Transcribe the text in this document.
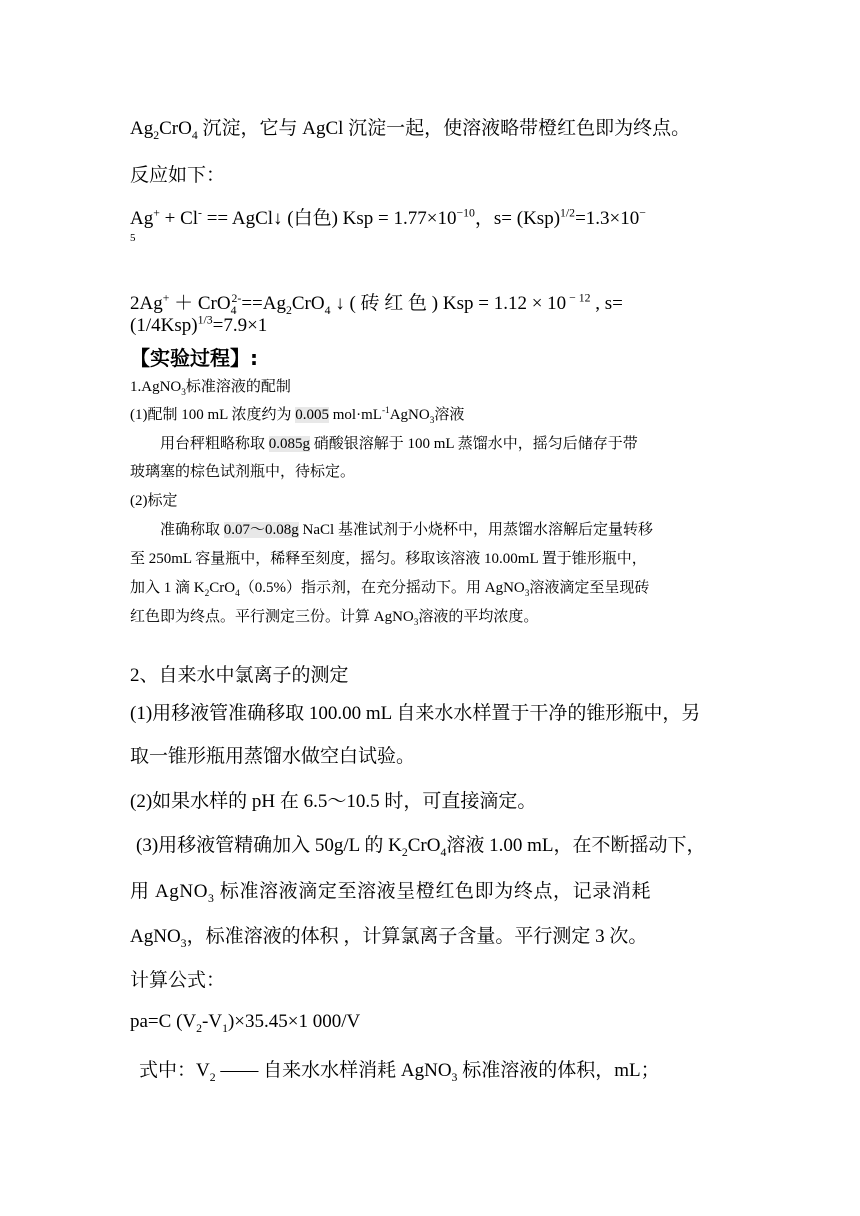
$Ag_2CrO_4$ 沉淀，它与 AgCl 沉淀一起，使溶液略带橙红色即为终点。
反应如下：
Ag+ + Cl- == AgCl↓ (白色) Ksp = $1.77\times 10^{-10}$，s= (Ksp)$^{1/2}$=1.3×10−
5
$2Ag^+ + CrO_4^{2-}==Ag_2CrO_4$ ↓ ( 砖 红 色 ) Ksp = 1.12 × 10 $^{- 12}$ , s=
$(1/4Ksp)^{1/3}=7.9\times 1$
【实验过程】:
1.AgNO$_3$标准溶液的配制
(1)配制 100 mL 浓度约为 0.005 $mol\cdot mL^{-1}AgNO_3$溶液
用台秤粗略称取 0.085g 硝酸银溶解于 100 mL 蒸馏水中，摇匀后储存于带
玻璃塞的棕色试剂瓶中，待标定。
(2)标定
准确称取 0.07～0.08g NaCl 基准试剂于小烧杯中，用蒸馏水溶解后定量转移
至 250mL 容量瓶中，稀释至刻度，摇匀。移取该溶液 10.00mL 置于锥形瓶中，
加入 1 滴 $K_2CrO_4(0.5\%)$指示剂，在充分摇动下。用 AgNO$_3$溶液滴定至呈现砖
红色即为终点。平行测定三份。计算 AgNO$_3$溶液的平均浓度。
2、自来水中氯离子的测定
(1)用移液管准确移取 100.00 mL 自来水水样置于干净的锥形瓶中，另
取一锥形瓶用蒸馏水做空白试验。
(2)如果水样的 pH 在 6.5～10.5 时，可直接滴定。
(3)用移液管精确加入 50g/L 的 $K_2CrO_4$溶液 1.00 mL，在不断摇动下，
用 AgNO$_3$ 标准溶液滴定至溶液呈橙红色即为终点，记录消耗
AgNO$_3$，标准溶液的体积 ，计算氯离子含量。平行测定 3 次。
计算公式：
pa=C $(V_2-V_1)\times 35.45\times 1$ 000/V
式中：$V_2$ —— 自来水水样消耗 AgNO$_3$ 标准溶液的体积，mL；
